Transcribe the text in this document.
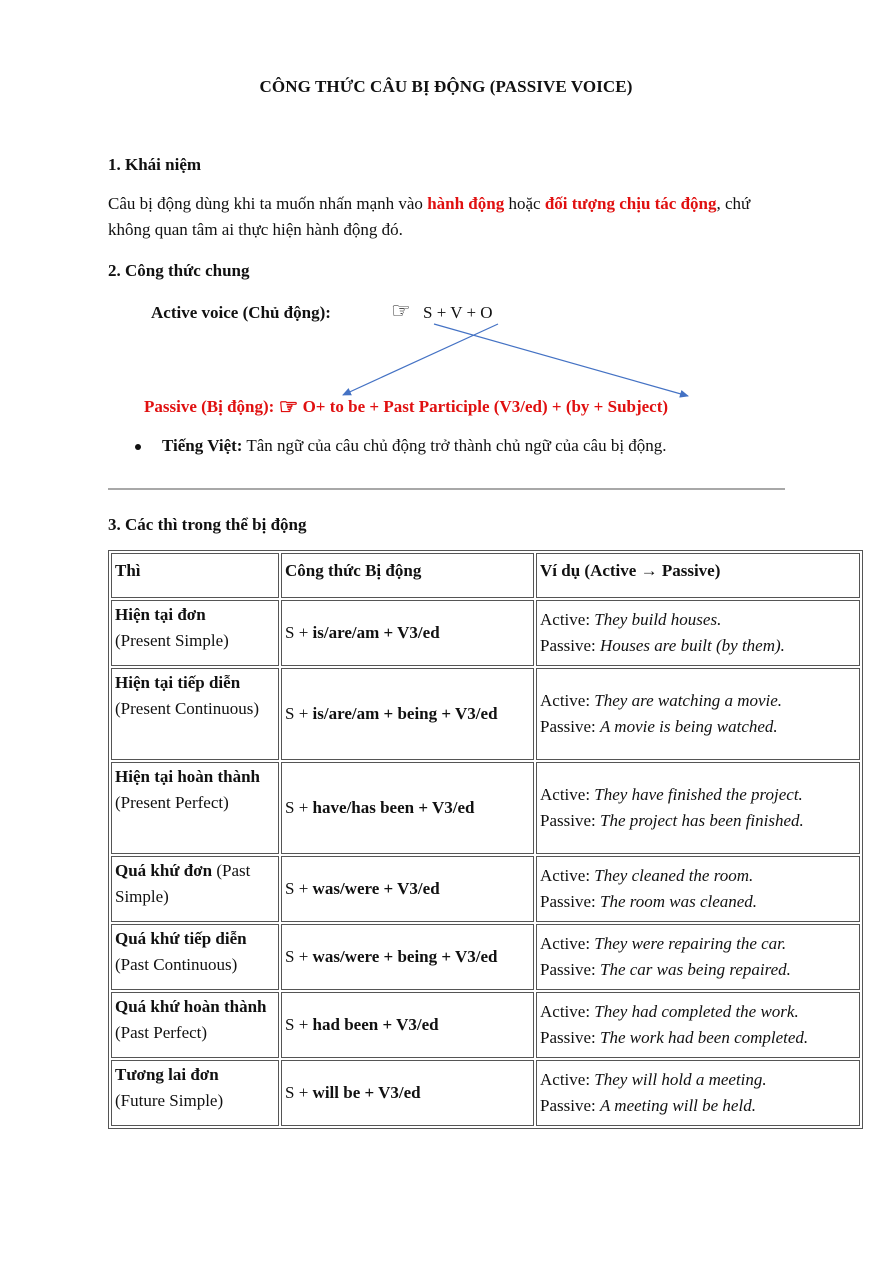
CÔNG THỨC CÂU BỊ ĐỘNG (PASSIVE VOICE)
1. Khái niệm
Câu bị động dùng khi ta muốn nhấn mạnh vào hành động hoặc đối tượng chịu tác động, chứ không quan tâm ai thực hiện hành động đó.
2. Công thức chung
Active voice (Chủ động):	☞ S + V + O
Passive (Bị động): ☞ O+ to be + Past Participle (V3/ed) + (by + Subject)
Tiếng Việt: Tân ngữ của câu chủ động trở thành chủ ngữ của câu bị động.
3. Các thì trong thể bị động
Thì	Công thức Bị động	Ví dụ (Active → Passive)
Hiện tại đơn
(Present Simple)	S + is/are/am + V3/ed	Active: They build houses.
Passive: Houses are built (by them).
Hiện tại tiếp diễn
(Present Continuous)	S + is/are/am + being + V3/ed	Active: They are watching a movie.
Passive: A movie is being watched.
Hiện tại hoàn thành (Present Perfect)	S + have/has been + V3/ed	Active: They have finished the project.
Passive: The project has been finished.
Quá khứ đơn (Past Simple)	S + was/were + V3/ed	Active: They cleaned the room.
Passive: The room was cleaned.
Quá khứ tiếp diễn
(Past Continuous)	S + was/were + being + V3/ed	Active: They were repairing the car.
Passive: The car was being repaired.
Quá khứ hoàn thành (Past Perfect)	S + had been + V3/ed	Active: They had completed the work.
Passive: The work had been completed.
Tương lai đơn
(Future Simple)	S + will be + V3/ed	Active: They will hold a meeting.
Passive: A meeting will be held.
